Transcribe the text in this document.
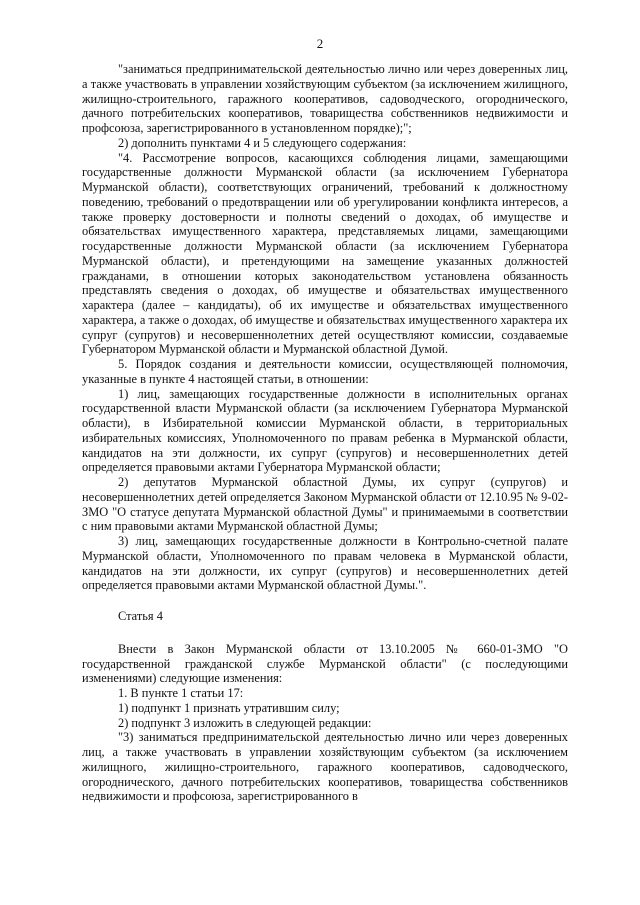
2

"заниматься предпринимательской деятельностью лично или через доверенных лиц, а также участвовать в управлении хозяйствующим субъектом (за исключением жилищного, жилищно-строительного, гаражного кооперативов, садоводческого, огороднического, дачного потребительских кооперативов, товарищества собственников недвижимости и профсоюза, зарегистрированного в установленном порядке);";

2) дополнить пунктами 4 и 5 следующего содержания:

"4. Рассмотрение вопросов, касающихся соблюдения лицами, замещающими государственные должности Мурманской области (за исключением Губернатора Мурманской области), соответствующих ограничений, требований к должностному поведению, требований о предотвращении или об урегулировании конфликта интересов, а также проверку достоверности и полноты сведений о доходах, об имуществе и обязательствах имущественного характера, представляемых лицами, замещающими государственные должности Мурманской области (за исключением Губернатора Мурманской области), и претендующими на замещение указанных должностей гражданами, в отношении которых законодательством установлена обязанность представлять сведения о доходах, об имуществе и обязательствах имущественного характера (далее – кандидаты), об их имуществе и обязательствах имущественного характера, а также о доходах, об имуществе и обязательствах имущественного характера их супруг (супругов) и несовершеннолетних детей осуществляют комиссии, создаваемые Губернатором Мурманской области и Мурманской областной Думой.

5. Порядок создания и деятельности комиссии, осуществляющей полномочия, указанные в пункте 4 настоящей статьи, в отношении:

1) лиц, замещающих государственные должности в исполнительных органах государственной власти Мурманской области (за исключением Губернатора Мурманской области), в Избирательной комиссии Мурманской области, в территориальных избирательных комиссиях, Уполномоченного по правам ребенка в Мурманской области, кандидатов на эти должности, их супруг (супругов) и несовершеннолетних детей определяется правовыми актами Губернатора Мурманской области;

2) депутатов Мурманской областной Думы, их супруг (супругов) и несовершеннолетних детей определяется Законом Мурманской области от 12.10.95 № 9-02-ЗМО "О статусе депутата Мурманской областной Думы" и принимаемыми в соответствии с ним правовыми актами Мурманской областной Думы;

3) лиц, замещающих государственные должности в Контрольно-счетной палате Мурманской области, Уполномоченного по правам человека в Мурманской области, кандидатов на эти должности, их супруг (супругов) и несовершеннолетних детей определяется правовыми актами Мурманской областной Думы.".

Статья 4

Внести в Закон Мурманской области от 13.10.2005 № 660-01-ЗМО "О государственной гражданской службе Мурманской области" (с последующими изменениями) следующие изменения:

1. В пункте 1 статьи 17:

1) подпункт 1 признать утратившим силу;

2) подпункт 3 изложить в следующей редакции:

"3) заниматься предпринимательской деятельностью лично или через доверенных лиц, а также участвовать в управлении хозяйствующим субъектом (за исключением жилищного, жилищно-строительного, гаражного кооперативов, садоводческого, огороднического, дачного потребительских кооперативов, товарищества собственников недвижимости и профсоюза, зарегистрированного в
